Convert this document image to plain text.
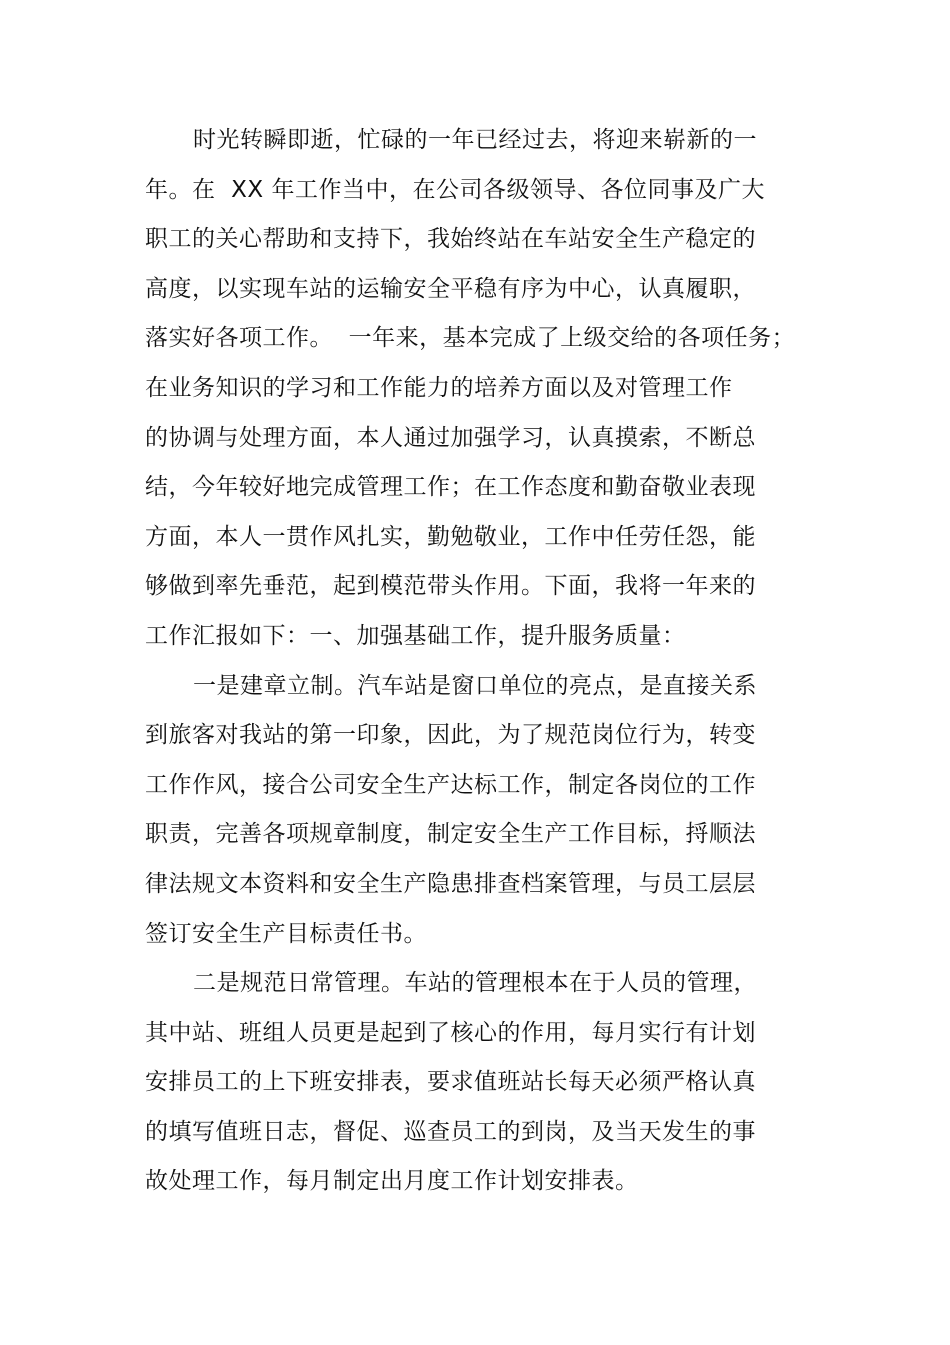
时光转瞬即逝，忙碌的一年已经过去，将迎来崭新的一
年。在  XX 年工作当中，在公司各级领导、各位同事及广大
职工的关心帮助和支持下，我始终站在车站安全生产稳定的
高度，以实现车站的运输安全平稳有序为中心，认真履职，
落实好各项工作。  一年来，基本完成了上级交给的各项任务；
在业务知识的学习和工作能力的培养方面以及对管理工作
的协调与处理方面，本人通过加强学习，认真摸索，不断总
结，今年较好地完成管理工作；在工作态度和勤奋敬业表现
方面，本人一贯作风扎实，勤勉敬业，工作中任劳任怨，能
够做到率先垂范，起到模范带头作用。下面，我将一年来的
工作汇报如下：一、加强基础工作，提升服务质量：
一是建章立制。汽车站是窗口单位的亮点，是直接关系
到旅客对我站的第一印象，因此，为了规范岗位行为，转变
工作作风，接合公司安全生产达标工作，制定各岗位的工作
职责，完善各项规章制度，制定安全生产工作目标，捋顺法
律法规文本资料和安全生产隐患排查档案管理，与员工层层
签订安全生产目标责任书。
二是规范日常管理。车站的管理根本在于人员的管理，
其中站、班组人员更是起到了核心的作用，每月实行有计划
安排员工的上下班安排表，要求值班站长每天必须严格认真
的填写值班日志，督促、巡查员工的到岗，及当天发生的事
故处理工作，每月制定出月度工作计划安排表。
